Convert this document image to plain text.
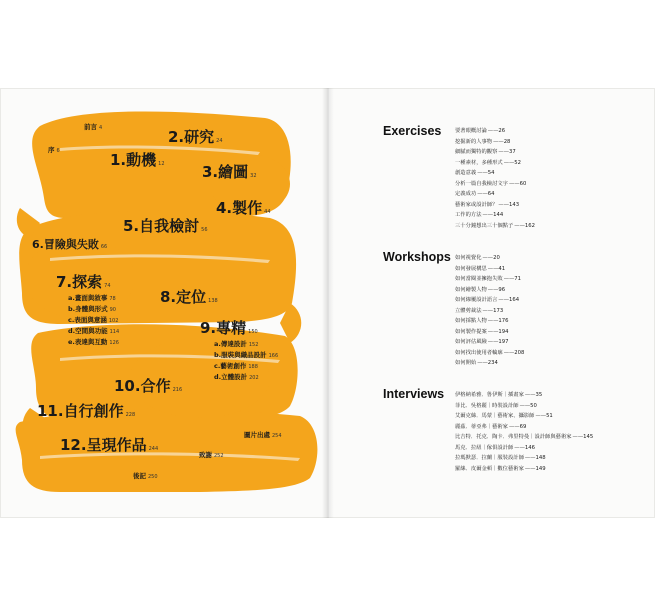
前言 4
序 6
2.研究 24
1.動機 12 3.繪圖 32
4.製作 44
5.自我檢討 56
6.冒險與失敗 66
7.探索 74
a.畫面與敘事 78
b.身體與形式 90
c.表面與意涵 102
d.空間與功能 114
e.表達與互動 126
8.定位 138
9.專精 150
a.傳達設計 152
b.服裝與織品設計 166
c.藝術創作 188
d.立體設計 202
10.合作 216
11.自行創作 228
12.呈現作品 244
圖片出處 254
致謝 252
後記 250
Exercises	要著眼概討論——26
挖掘新的人事物——28
細膩而獨特的觀察——37
一種素材，多種形式——52
創造意義——54
分析一篇自我檢討文字——60
定義成功——64
藝術家或設計師？——143
工作的方法——144
三十分鐘想出三十個點子——162
Workshops 如何視覺化——20
如何發展構思——41
如何當閱並擁抱失敗——71
如何繪製人物——96
如何線覆設計語言——164
立體剪裁法——173
如何採點人物——176
如何製作提案——194
如何評估風險——197
如何找出使用者輪廓——208
如何開始——234
Interviews 伊格納希雅．鲁伊斯｜插畫家——35
菲比．吳格麗｜時裝設計師——50
艾爾克絲．馬蒙｜藝術家、攝影師——51
麗茲．蒂亞弗｜藝術家——69
比吉特．托克．陶卡．弗里特曼｜設計師與藝術家——145
馬克．拉紐｜傢俱設計師——146
拉瑪默瑟．拉蘭｜服裝設計師——148
羅絲．皮爾金頓｜數位藝術家——149
